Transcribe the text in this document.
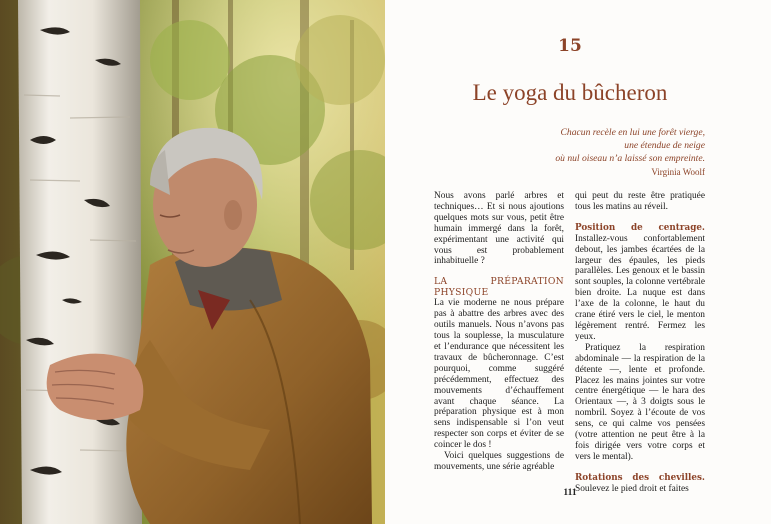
15
Le yoga du bûcheron
Chacun recèle en lui une forêt vierge,
une étendue de neige
où nul oiseau n’a laissé son empreinte.
Virginia Woolf

Nous avons parlé arbres et techniques… Et si nous ajoutions quelques mots sur vous, petit être humain immergé dans la forêt, expérimentant une activité qui vous est probablement inhabituelle ?

LA PRÉPARATION PHYSIQUE

La vie moderne ne nous prépare pas à abattre des arbres avec des outils manuels. Nous n’avons pas tous la souplesse, la musculature et l’endurance que nécessitent les travaux de bûcheronnage. C’est pourquoi, comme suggéré précédemment, effectuez des mouvements d’échauffement avant chaque séance. La préparation physique est à mon sens indispensable si l’on veut respecter son corps et éviter de se coincer le dos !

Voici quelques suggestions de mouvements, une série agréable

qui peut du reste être pratiquée tous les matins au réveil.

Position de centrage. Installez-vous confortablement debout, les jambes écartées de la largeur des épaules, les pieds parallèles. Les genoux et le bassin sont souples, la colonne vertébrale bien droite. La nuque est dans l’axe de la colonne, le haut du crane étiré vers le ciel, le menton légèrement rentré. Fermez les yeux.

Pratiquez la respiration abdominale — la respiration de la détente —, lente et profonde. Placez les mains jointes sur votre centre énergétique — le hara des Orientaux —, à 3 doigts sous le nombril. Soyez à l’écoute de vos sens, ce qui calme vos pensées (votre attention ne peut être à la fois dirigée vers votre corps et vers le mental).

Rotations des chevilles. Soulevez le pied droit et faites

111
